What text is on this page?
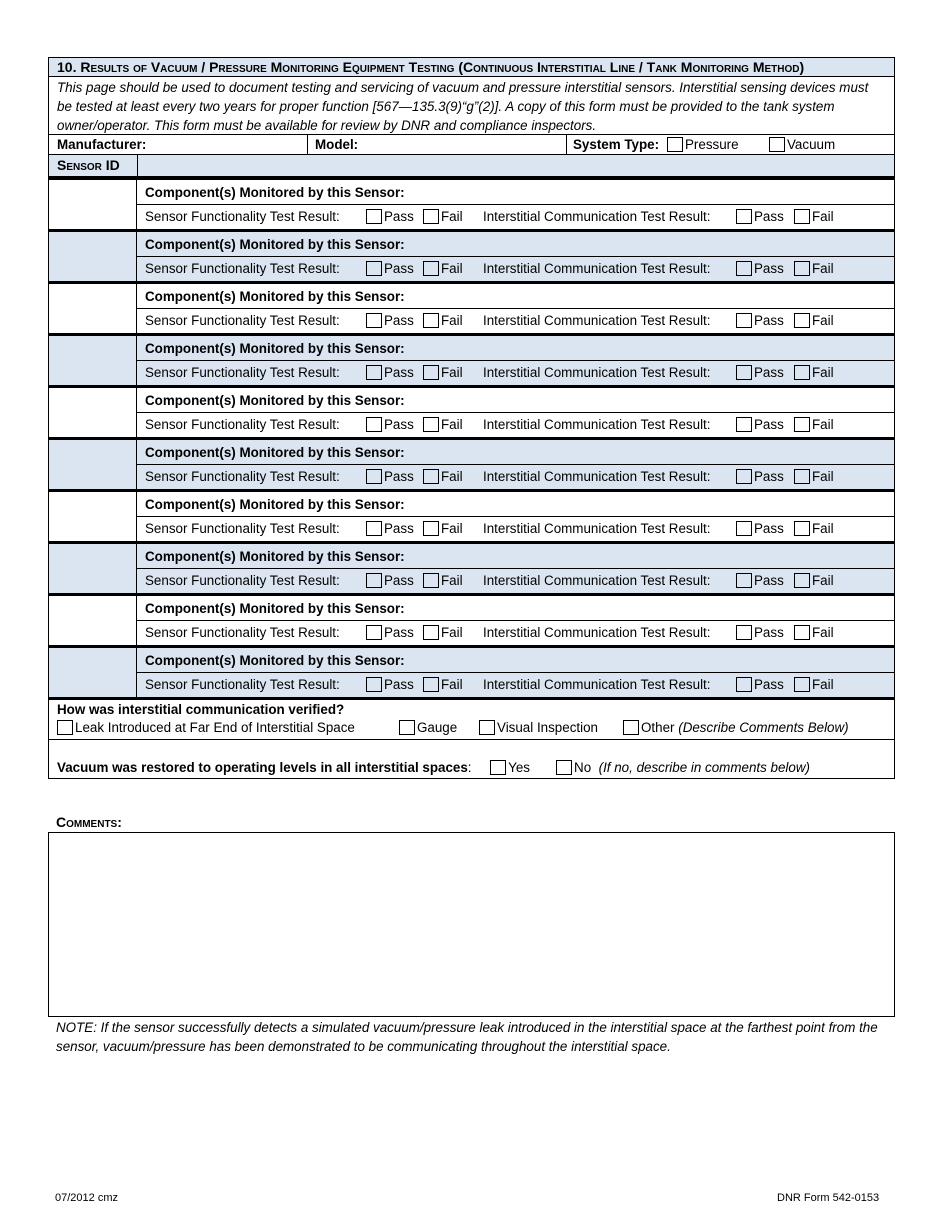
10. Results of Vacuum / Pressure Monitoring Equipment Testing (Continuous Interstitial Line / Tank Monitoring Method)
This page should be used to document testing and servicing of vacuum and pressure interstitial sensors. Interstitial sensing devices must be tested at least every two years for proper function [567—135.3(9)“g”(2)]. A copy of this form must be provided to the tank system owner/operator. This form must be available for review by DNR and compliance inspectors.
Manufacturer:	Model:	System Type:	Pressure	Vacuum
Sensor ID
Component(s) Monitored by this Sensor:
Sensor Functionality Test Result:	Pass	Fail Interstitial Communication Test Result:	Pass	Fail
Component(s) Monitored by this Sensor:
Sensor Functionality Test Result:	Pass	Fail Interstitial Communication Test Result:	Pass	Fail
Component(s) Monitored by this Sensor:
Sensor Functionality Test Result:	Pass	Fail Interstitial Communication Test Result:	Pass	Fail
Component(s) Monitored by this Sensor:
Sensor Functionality Test Result:	Pass	Fail Interstitial Communication Test Result:	Pass	Fail
Component(s) Monitored by this Sensor:
Sensor Functionality Test Result:	Pass	Fail Interstitial Communication Test Result:	Pass	Fail
Component(s) Monitored by this Sensor:
Sensor Functionality Test Result:	Pass	Fail Interstitial Communication Test Result:	Pass	Fail
Component(s) Monitored by this Sensor:
Sensor Functionality Test Result:	Pass	Fail Interstitial Communication Test Result:	Pass	Fail
Component(s) Monitored by this Sensor:
Sensor Functionality Test Result:	Pass	Fail Interstitial Communication Test Result:	Pass	Fail
Component(s) Monitored by this Sensor:
Sensor Functionality Test Result:	Pass	Fail Interstitial Communication Test Result:	Pass	Fail
Component(s) Monitored by this Sensor:
Sensor Functionality Test Result:	Pass	Fail Interstitial Communication Test Result:	Pass	Fail
How was interstitial communication verified?
Leak Introduced at Far End of Interstitial Space	Gauge	Visual Inspection	Other (Describe Comments Below)
Vacuum was restored to operating levels in all interstitial spaces:     Yes	No (If no, describe in comments below)
Comments:
NOTE: If the sensor successfully detects a simulated vacuum/pressure leak introduced in the interstitial space at the farthest point from the sensor, vacuum/pressure has been demonstrated to be communicating throughout the interstitial space.
07/2012 cmz	DNR Form 542-0153
